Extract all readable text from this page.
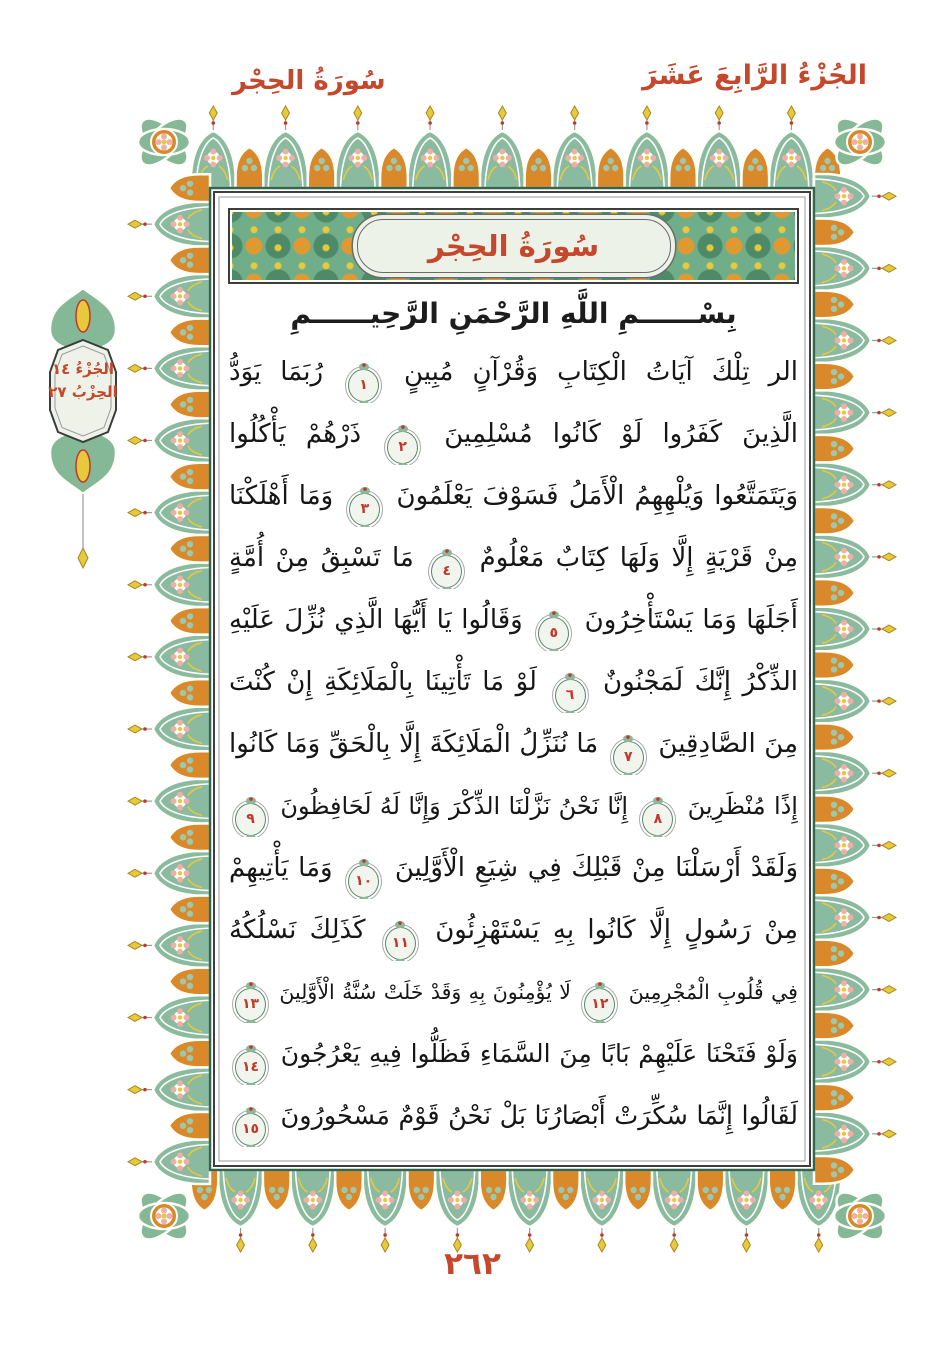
الجُزْءُ الرَّابِعَ عَشَرَ
سُورَةُ الحِجْر
الجُزْءُ ١٤
الحِزْبُ ٢٧
سُورَةُ الحِجْر
بِسْــــــمِ اللَّهِ الرَّحْمَنِ الرَّحِيــــــمِ
الر تِلْكَ آيَاتُ الْكِتَابِ وَقُرْآنٍ مُبِينٍ
١
رُبَمَا يَوَدُّ
الَّذِينَ كَفَرُوا لَوْ كَانُوا مُسْلِمِينَ
٢
ذَرْهُمْ يَأْكُلُوا
وَيَتَمَتَّعُوا وَيُلْهِهِمُ الْأَمَلُ فَسَوْفَ يَعْلَمُونَ
٣
وَمَا أَهْلَكْنَا
مِنْ قَرْيَةٍ إِلَّا وَلَهَا كِتَابٌ مَعْلُومٌ
٤
مَا تَسْبِقُ مِنْ أُمَّةٍ
أَجَلَهَا وَمَا يَسْتَأْخِرُونَ
٥
وَقَالُوا يَا أَيُّهَا الَّذِي نُزِّلَ عَلَيْهِ
الذِّكْرُ إِنَّكَ لَمَجْنُونٌ
٦
لَوْ مَا تَأْتِينَا بِالْمَلَائِكَةِ إِنْ كُنْتَ
مِنَ الصَّادِقِينَ
٧
مَا نُنَزِّلُ الْمَلَائِكَةَ إِلَّا بِالْحَقِّ وَمَا كَانُوا
إِذًا مُنْظَرِينَ
٨
إِنَّا نَحْنُ نَزَّلْنَا الذِّكْرَ وَإِنَّا لَهُ لَحَافِظُونَ
٩
وَلَقَدْ أَرْسَلْنَا مِنْ قَبْلِكَ فِي شِيَعِ الْأَوَّلِينَ
١٠
وَمَا يَأْتِيهِمْ
مِنْ رَسُولٍ إِلَّا كَانُوا بِهِ يَسْتَهْزِئُونَ
١١
كَذَلِكَ نَسْلُكُهُ
فِي قُلُوبِ الْمُجْرِمِينَ
١٢
لَا يُؤْمِنُونَ بِهِ وَقَدْ خَلَتْ سُنَّةُ الْأَوَّلِينَ
١٣
وَلَوْ فَتَحْنَا عَلَيْهِمْ بَابًا مِنَ السَّمَاءِ فَظَلُّوا فِيهِ يَعْرُجُونَ
١٤
لَقَالُوا إِنَّمَا سُكِّرَتْ أَبْصَارُنَا بَلْ نَحْنُ قَوْمٌ مَسْحُورُونَ
١٥
٢٦٢
